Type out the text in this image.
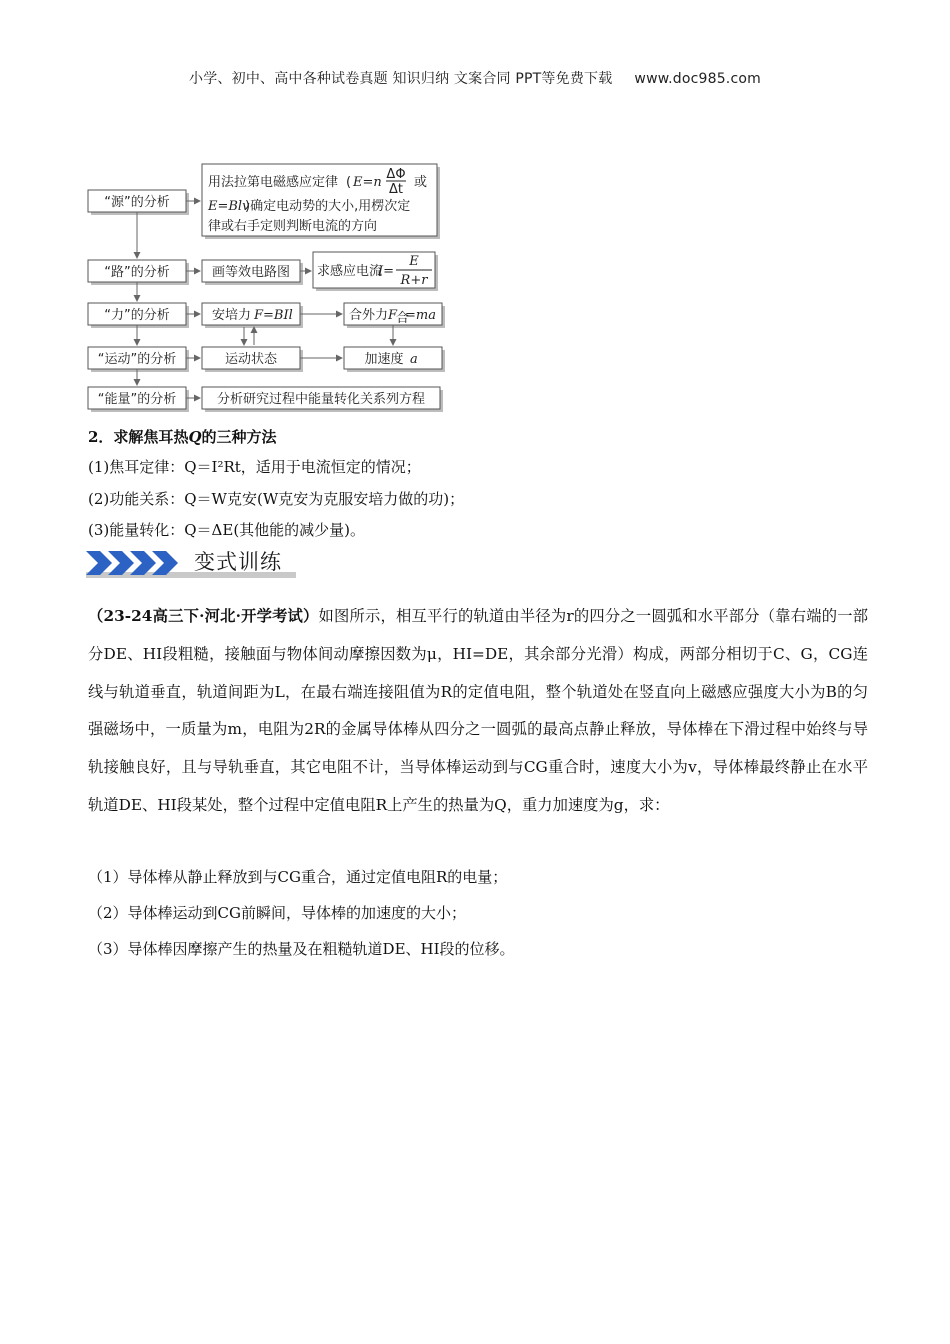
小学、初中、高中各种试卷真题 知识归纳 文案合同 PPT等免费下载 www.doc985.com
“源”的分析
“路”的分析
“力”的分析
“运动”的分析
“能量”的分析
用法拉第电磁感应定律 ( E=n
ΔΦ
Δt 或
E=Blv
)确定电动势的大小,用楞次定
律或右手定则判断电流的方向
画等效电路图 求感应电流
I=
E
R+r
安培力 F=BIl	合外力 F
合
=ma
运动状态	加速度 a
分析研究过程中能量转化关系列方程
2．求解焦耳热Q的三种方法
(1)焦耳定律：Q＝I²Rt，适用于电流恒定的情况；
(2)功能关系：Q＝W克安(W克安为克服安培力做的功)；
(3)能量转化：Q＝ΔE(其他能的减少量)。
变式训练
（23-24高三下·河北·开学考试）如图所示，相互平行的轨道由半径为r的四分之一圆弧和水平部分（靠右端的一部分DE、HI段粗糙，接触面与物体间动摩擦因数为μ，HI=DE，其余部分光滑）构成，两部分相切于C、G，CG连线与轨道垂直，轨道间距为L，在最右端连接阻值为R的定值电阻，整个轨道处在竖直向上磁感应强度大小为B的匀强磁场中，一质量为m，电阻为2R的金属导体棒从四分之一圆弧的最高点静止释放，导体棒在下滑过程中始终与导轨接触良好，且与导轨垂直，其它电阻不计，当导体棒运动到与CG重合时，速度大小为v，导体棒最终静止在水平轨道DE、HI段某处，整个过程中定值电阻R上产生的热量为Q，重力加速度为g，求：
（1）导体棒从静止释放到与CG重合，通过定值电阻R的电量；
（2）导体棒运动到CG前瞬间，导体棒的加速度的大小；
（3）导体棒因摩擦产生的热量及在粗糙轨道DE、HI段的位移。
